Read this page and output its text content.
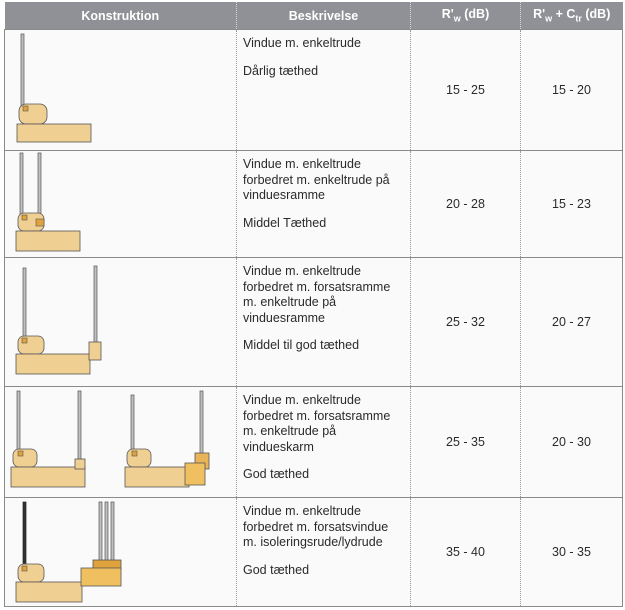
Konstruktion	Beskrivelse	$R'_w$ (dB)	$R'_w + C_{tr}$ (dB)

Vindue m. enkeltrude
Dårlig tæthed	15 - 25	15 - 20

Vindue m. enkeltrude
forbedret m. enkeltrude på
vinduesramme
Middel Tæthed	20 - 28	15 - 23

Vindue m. enkeltrude
forbedret m. forsatsramme
m. enkeltrude på
vinduesramme
Middel til god tæthed	25 - 32	20 - 27

Vindue m. enkeltrude
forbedret m. forsatsramme
m. enkeltrude på
vindueskarm
God tæthed	25 - 35	20 - 30

Vindue m. enkeltrude
forbedret m. forsatsvindue
m. isoleringsrude/lydrude
God tæthed	35 - 40	30 - 35
